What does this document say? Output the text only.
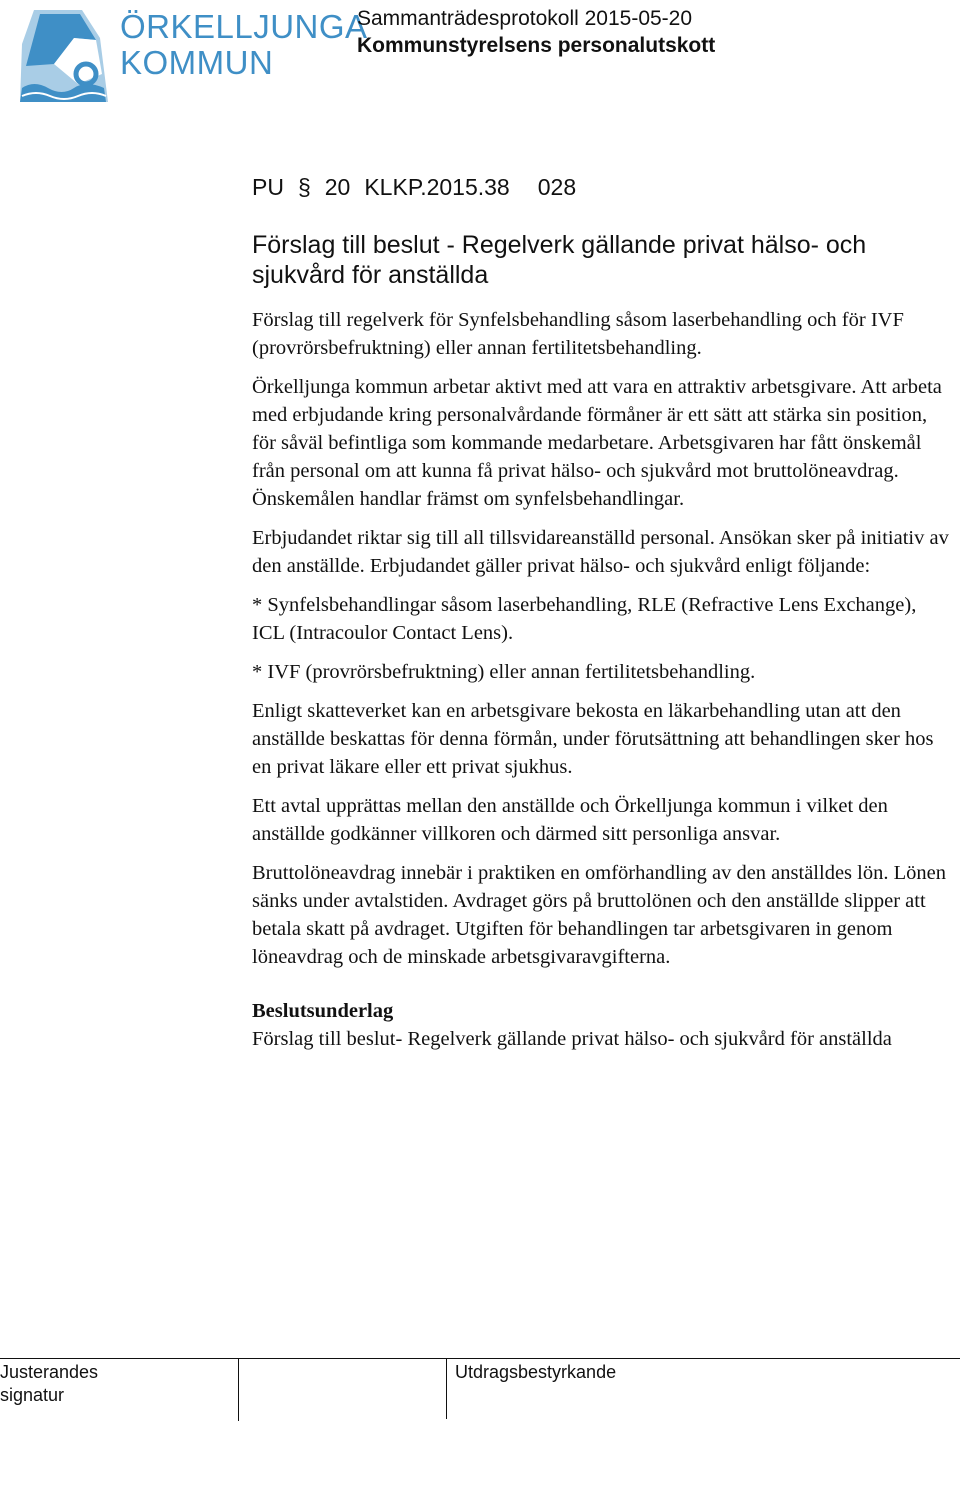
ÖRKELLJUNGA
KOMMUN
Sammanträdesprotokoll 2015-05-20
Kommunstyrelsens personalutskott
PU § 20 KLKP.2015.38 028
Förslag till beslut - Regelverk gällande privat hälso- och sjukvård för anställda

Förslag till regelverk för Synfelsbehandling såsom laserbehandling och för IVF (provrörsbefruktning) eller annan fertilitetsbehandling.

Örkelljunga kommun arbetar aktivt med att vara en attraktiv arbetsgivare. Att arbeta med erbjudande kring personalvårdande förmåner är ett sätt att stärka sin position, för såväl befintliga som kommande medarbetare. Arbetsgivaren har fått önskemål från personal om att kunna få privat hälso- och sjukvård mot bruttolöneavdrag. Önskemålen handlar främst om synfelsbehandlingar.

Erbjudandet riktar sig till all tillsvidareanställd personal. Ansökan sker på initiativ av den anställde. Erbjudandet gäller privat hälso- och sjukvård enligt följande:

* Synfelsbehandlingar såsom laserbehandling, RLE (Refractive Lens Exchange), ICL (Intracoulor Contact Lens).

* IVF (provrörsbefruktning) eller annan fertilitetsbehandling.

Enligt skatteverket kan en arbetsgivare bekosta en läkarbehandling utan att den anställde beskattas för denna förmån, under förutsättning att behandlingen sker hos en privat läkare eller ett privat sjukhus.

Ett avtal upprättas mellan den anställde och Örkelljunga kommun i vilket den anställde godkänner villkoren och därmed sitt personliga ansvar.

Bruttolöneavdrag innebär i praktiken en omförhandling av den anställdes lön. Lönen sänks under avtalstiden. Avdraget görs på bruttolönen och den anställde slipper att betala skatt på avdraget. Utgiften för behandlingen tar arbetsgivaren in genom löneavdrag och de minskade arbetsgivaravgifterna.

Beslutsunderlag
Förslag till beslut- Regelverk gällande privat hälso- och sjukvård för anställda
Justerandes
signatur
Utdragsbestyrkande
